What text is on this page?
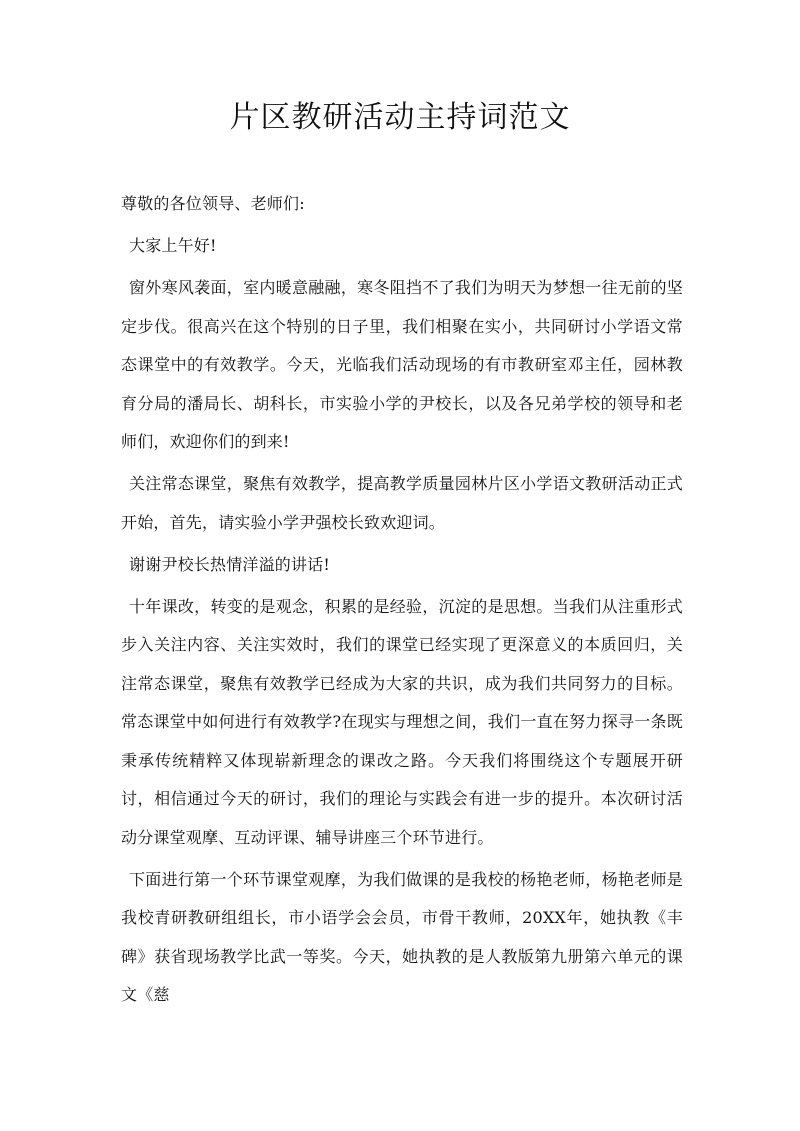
片区教研活动主持词范文

尊敬的各位领导、老师们:

大家上午好!

窗外寒风袭面，室内暖意融融，寒冬阻挡不了我们为明天为梦想一往无前的坚定步伐。很高兴在这个特别的日子里，我们相聚在实小，共同研讨小学语文常态课堂中的有效教学。今天，光临我们活动现场的有市教研室邓主任，园林教育分局的潘局长、胡科长，市实验小学的尹校长，以及各兄弟学校的领导和老师们，欢迎你们的到来!

关注常态课堂，聚焦有效教学，提高教学质量园林片区小学语文教研活动正式开始，首先，请实验小学尹强校长致欢迎词。

谢谢尹校长热情洋溢的讲话!

十年课改，转变的是观念，积累的是经验，沉淀的是思想。当我们从注重形式步入关注内容、关注实效时，我们的课堂已经实现了更深意义的本质回归，关注常态课堂，聚焦有效教学已经成为大家的共识，成为我们共同努力的目标。常态课堂中如何进行有效教学?在现实与理想之间，我们一直在努力探寻一条既秉承传统精粹又体现崭新理念的课改之路。今天我们将围绕这个专题展开研讨，相信通过今天的研讨，我们的理论与实践会有进一步的提升。本次研讨活动分课堂观摩、互动评课、辅导讲座三个环节进行。

下面进行第一个环节课堂观摩，为我们做课的是我校的杨艳老师，杨艳老师是我校青研教研组组长，市小语学会会员，市骨干教师，20XX年，她执教《丰碑》获省现场教学比武一等奖。今天，她执教的是人教版第九册第六单元的课文《慈
